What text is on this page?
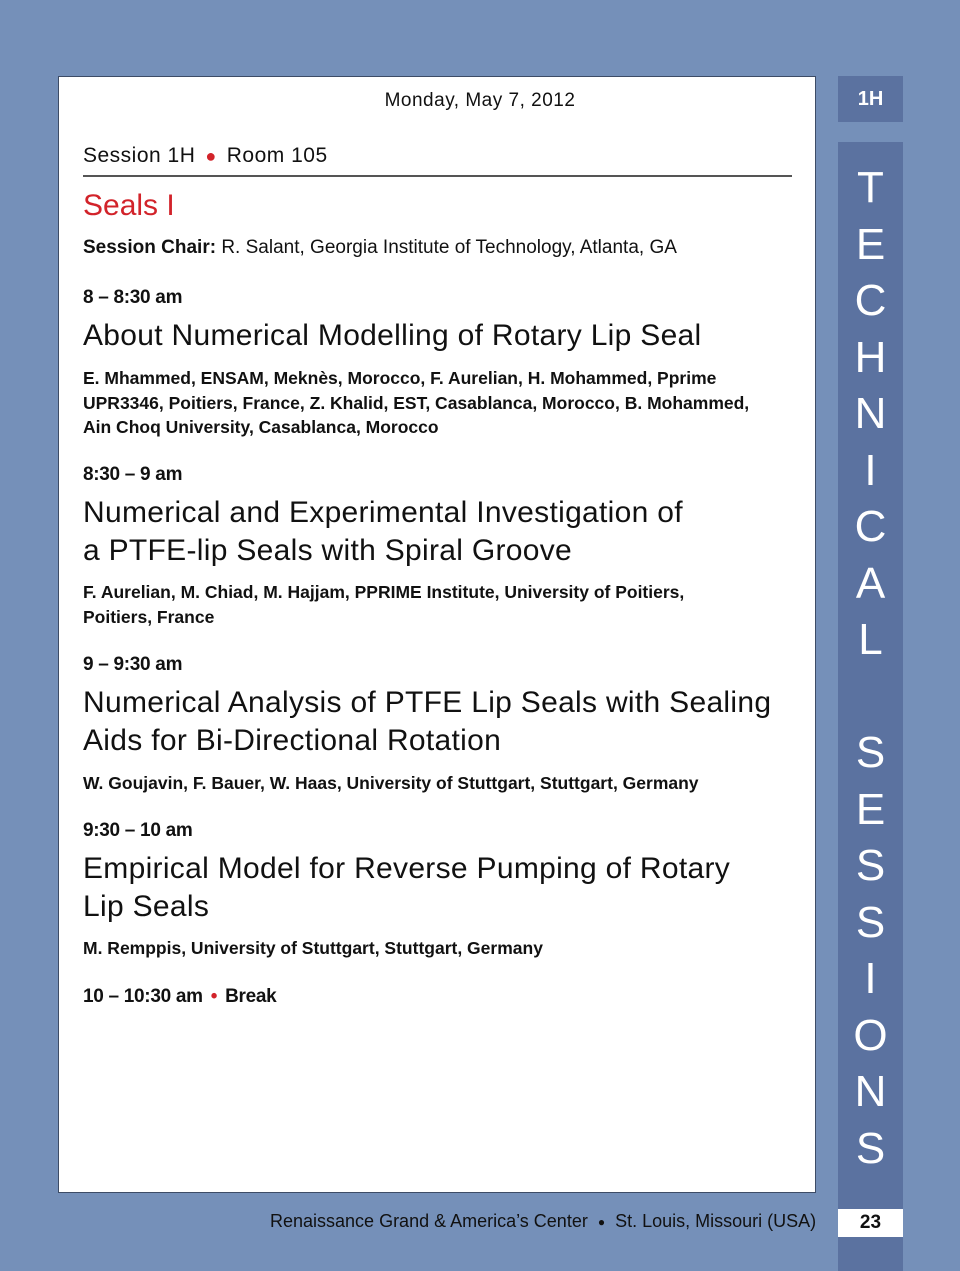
Monday, May 7, 2012
Session 1H ● Room 105
Seals I
Session Chair: R. Salant, Georgia Institute of Technology, Atlanta, GA
8 – 8:30 am
About Numerical Modelling of Rotary Lip Seal
E. Mhammed, ENSAM, Meknès, Morocco, F. Aurelian, H. Mohammed, Pprime
UPR3346, Poitiers, France, Z. Khalid, EST, Casablanca, Morocco, B. Mohammed,
Ain Choq University, Casablanca, Morocco
8:30 – 9 am
Numerical and Experimental Investigation of
a PTFE-lip Seals with Spiral Groove
F. Aurelian, M. Chiad, M. Hajjam, PPRIME Institute, University of Poitiers,
Poitiers, France
9 – 9:30 am
Numerical Analysis of PTFE Lip Seals with Sealing
Aids for Bi-Directional Rotation
W. Goujavin, F. Bauer, W. Haas, University of Stuttgart, Stuttgart, Germany
9:30 – 10 am
Empirical Model for Reverse Pumping of Rotary
Lip Seals
M. Remppis, University of Stuttgart, Stuttgart, Germany
10 – 10:30 am • Break
1H
T
E
C
H
N
I
C
A
L
S
E
S
S
I
O
N
S
23
Renaissance Grand & America’s Center ● St. Louis, Missouri (USA)
